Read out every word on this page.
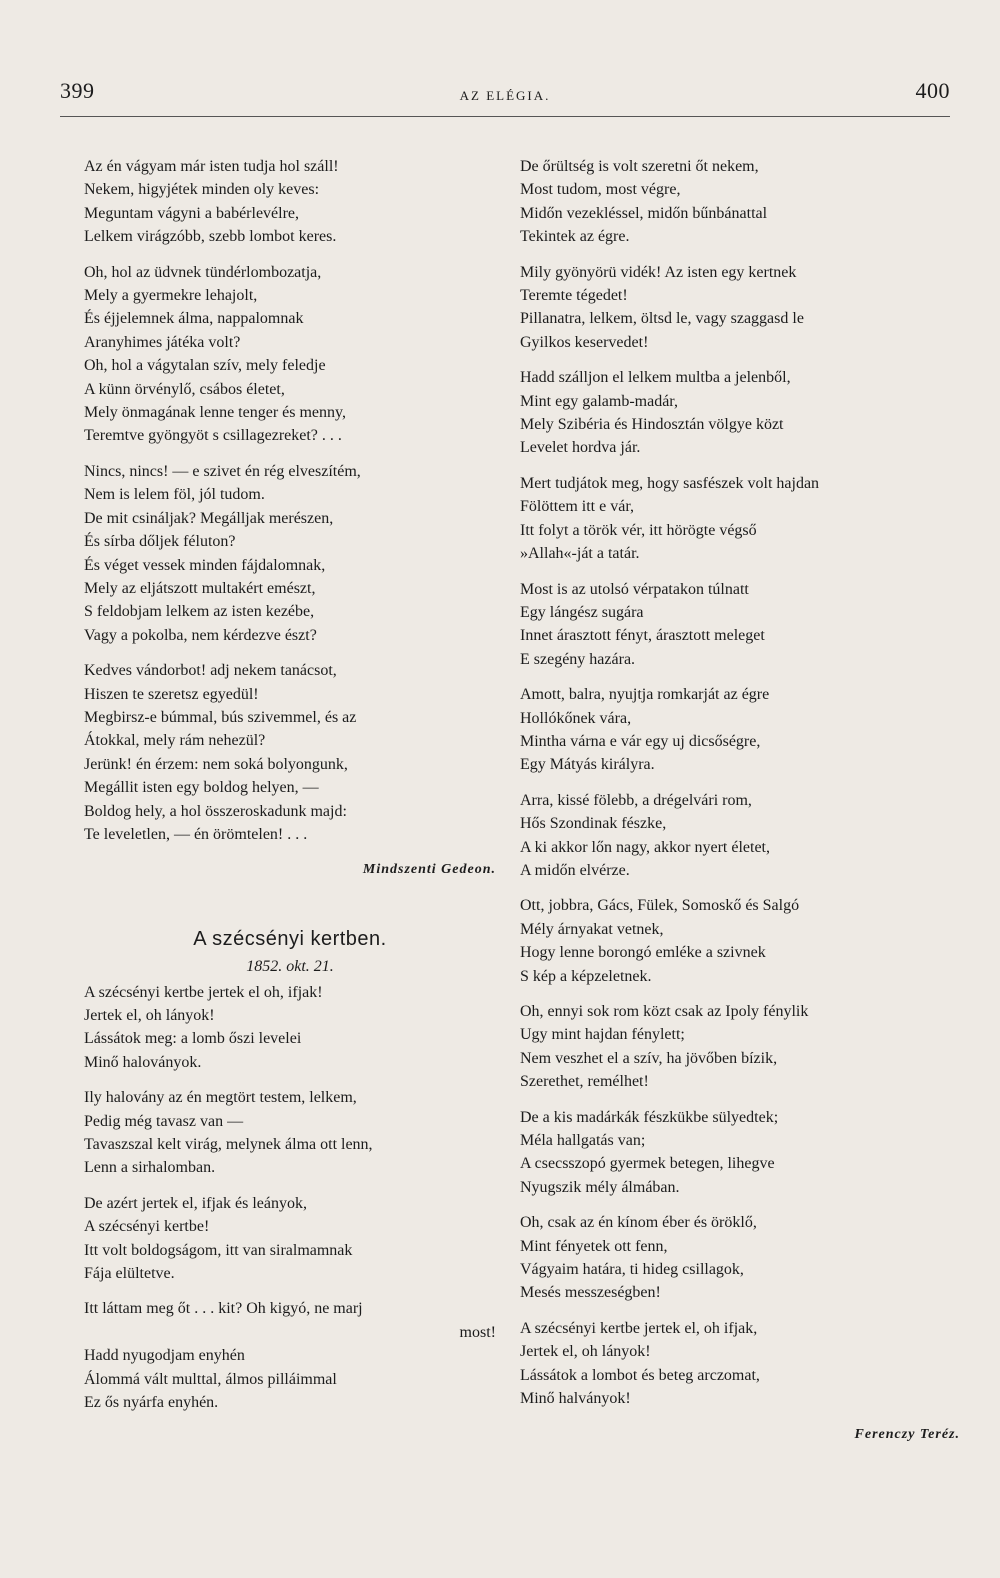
399	AZ ELÉGIA.	400
Az én vágyam már isten tudja hol száll!
Nekem, higyjétek minden oly keves:
Meguntam vágyni a babérlevélre,
Lelkem virágzóbb, szebb lombot keres.
Oh, hol az üdvnek tündérlombozatja,
Mely a gyermekre lehajolt,
És éjjelemnek álma, nappalomnak
Aranyhimes játéka volt?
Oh, hol a vágytalan szív, mely feledje
A künn örvénylő, csábos életet,
Mely önmagának lenne tenger és menny,
Teremtve gyöngyöt s csillagezreket? . . .
Nincs, nincs! — e szivet én rég elveszítém,
Nem is lelem föl, jól tudom.
De mit csináljak? Megálljak merészen,
És sírba dőljek féluton?
És véget vessek minden fájdalomnak,
Mely az eljátszott multakért emészt,
S feldobjam lelkem az isten kezébe,
Vagy a pokolba, nem kérdezve észt?
Kedves vándorbot! adj nekem tanácsot,
Hiszen te szeretsz egyedül!
Megbirsz-e búmmal, bús szivemmel, és az
Átokkal, mely rám nehezül?
Jerünk! én érzem: nem soká bolyongunk,
Megállit isten egy boldog helyen, —
Boldog hely, a hol összeroskadunk majd:
Te leveletlen, — én örömtelen! . . .
Mindszenti Gedeon.
A szécsényi kertben.
1852. okt. 21.
A szécsényi kertbe jertek el oh, ifjak!
Jertek el, oh lányok!
Lássátok meg: a lomb őszi levelei
Minő haloványok.
Ily halovány az én megtört testem, lelkem,
Pedig még tavasz van —
Tavaszszal kelt virág, melynek álma ott lenn,
Lenn a sirhalomban.
De azért jertek el, ifjak és leányok,
A szécsényi kertbe!
Itt volt boldogságom, itt van siralmamnak
Fája elültetve.
Itt láttam meg őt . . . kit? Oh kigyó, ne marj
most!
Hadd nyugodjam enyhén
Álommá vált multtal, álmos pilláimmal
Ez ős nyárfa enyhén.
De őrültség is volt szeretni őt nekem,
Most tudom, most végre,
Midőn vezekléssel, midőn bűnbánattal
Tekintek az égre.
Mily gyönyörü vidék! Az isten egy kertnek
Teremte tégedet!
Pillanatra, lelkem, öltsd le, vagy szaggasd le
Gyilkos keservedet!
Hadd szálljon el lelkem multba a jelenből,
Mint egy galamb-madár,
Mely Szibéria és Hindosztán völgye közt
Levelet hordva jár.
Mert tudjátok meg, hogy sasfészek volt hajdan
Fölöttem itt e vár,
Itt folyt a török vér, itt hörögte végső
»Allah«-ját a tatár.
Most is az utolsó vérpatakon túlnatt
Egy lángész sugára
Innet árasztott fényt, árasztott meleget
E szegény hazára.
Amott, balra, nyujtja romkarját az égre
Hollókőnek vára,
Mintha várna e vár egy uj dicsőségre,
Egy Mátyás királyra.
Arra, kissé fölebb, a drégelvári rom,
Hős Szondinak fészke,
A ki akkor lőn nagy, akkor nyert életet,
A midőn elvérze.
Ott, jobbra, Gács, Fülek, Somoskő és Salgó
Mély árnyakat vetnek,
Hogy lenne borongó emléke a szivnek
S kép a képzeletnek.
Oh, ennyi sok rom közt csak az Ipoly fénylik
Ugy mint hajdan fénylett;
Nem veszhet el a szív, ha jövőben bízik,
Szerethet, remélhet!
De a kis madárkák fészkükbe sülyedtek;
Méla hallgatás van;
A csecsszopó gyermek betegen, lihegve
Nyugszik mély álmában.
Oh, csak az én kínom éber és öröklő,
Mint fényetek ott fenn,
Vágyaim határa, ti hideg csillagok,
Mesés messzeségben!
A szécsényi kertbe jertek el, oh ifjak,
Jertek el, oh lányok!
Lássátok a lombot és beteg arczomat,
Minő halványok!
Ferenczy Teréz.
